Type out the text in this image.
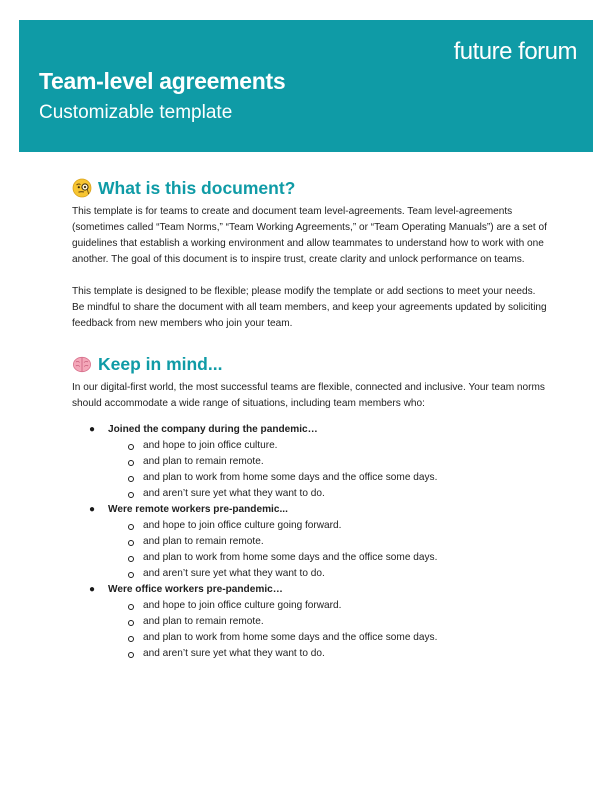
future forum
Team-level agreements
Customizable template
What is this document?

This template is for teams to create and document team level-agreements. Team level-agreements (sometimes called “Team Norms,” “Team Working Agreements,” or “Team Operating Manuals”) are a set of guidelines that establish a working environment and allow teammates to understand how to work with one another. The goal of this document is to inspire trust, create clarity and unlock performance on teams.

This template is designed to be flexible; please modify the template or add sections to meet your needs. Be mindful to share the document with all team members, and keep your agreements updated by soliciting feedback from new members who join your team.

Keep in mind...

In our digital-first world, the most successful teams are flexible, connected and inclusive. Your team norms should accommodate a wide range of situations, including team members who:

● Joined the company during the pandemic…
and hope to join office culture.
and plan to remain remote.
and plan to work from home some days and the office some days.
and aren’t sure yet what they want to do.
● Were remote workers pre-pandemic...
and hope to join office culture going forward.
and plan to remain remote.
and plan to work from home some days and the office some days.
and aren’t sure yet what they want to do.
● Were office workers pre-pandemic…
and hope to join office culture going forward.
and plan to remain remote.
and plan to work from home some days and the office some days.
and aren’t sure yet what they want to do.
